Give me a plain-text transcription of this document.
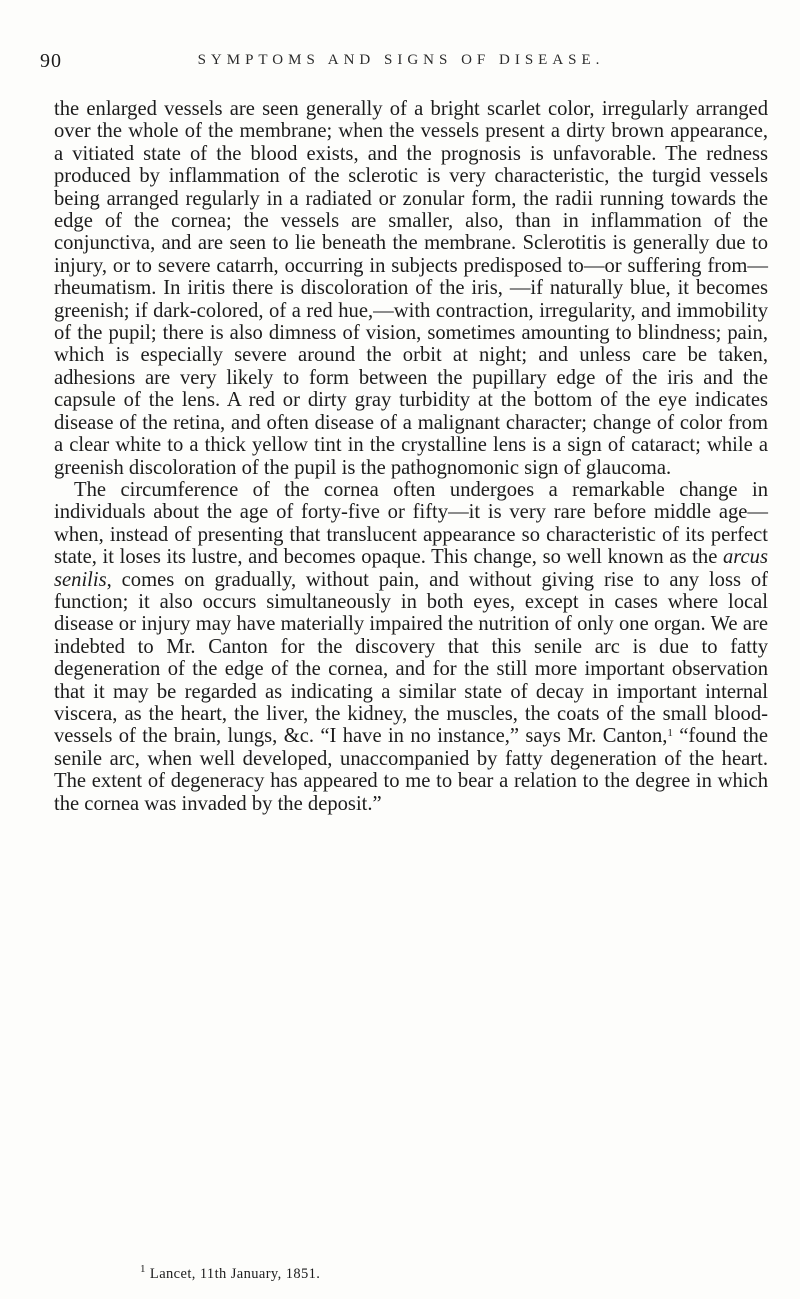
90	SYMPTOMS AND SIGNS OF DISEASE.

the enlarged vessels are seen generally of a bright scarlet color, irregularly arranged over the whole of the membrane; when the vessels present a dirty brown appearance, a vitiated state of the blood exists, and the prognosis is unfavorable. The redness produced by inflammation of the sclerotic is very characteristic, the turgid vessels being arranged regularly in a radiated or zonular form, the radii running towards the edge of the cornea; the vessels are smaller, also, than in inflammation of the conjunctiva, and are seen to lie beneath the membrane. Sclerotitis is generally due to injury, or to severe catarrh, occurring in subjects predisposed to—or suffering from—rheumatism. In iritis there is discoloration of the iris, —if naturally blue, it becomes greenish; if dark-colored, of a red hue,—with contraction, irregularity, and immobility of the pupil; there is also dimness of vision, sometimes amounting to blindness; pain, which is especially severe around the orbit at night; and unless care be taken, adhesions are very likely to form between the pupillary edge of the iris and the capsule of the lens. A red or dirty gray turbidity at the bottom of the eye indicates disease of the retina, and often disease of a malignant character; change of color from a clear white to a thick yellow tint in the crystalline lens is a sign of cataract; while a greenish discoloration of the pupil is the pathognomonic sign of glaucoma.

The circumference of the cornea often undergoes a remarkable change in individuals about the age of forty-five or fifty—it is very rare before middle age—when, instead of presenting that translucent appearance so characteristic of its perfect state, it loses its lustre, and becomes opaque. This change, so well known as the arcus senilis, comes on gradually, without pain, and without giving rise to any loss of function; it also occurs simultaneously in both eyes, except in cases where local disease or injury may have materially impaired the nutrition of only one organ. We are indebted to Mr. Canton for the discovery that this senile arc is due to fatty degeneration of the edge of the cornea, and for the still more important observation that it may be regarded as indicating a similar state of decay in important internal viscera, as the heart, the liver, the kidney, the muscles, the coats of the small blood-vessels of the brain, lungs, &c. “I have in no instance,” says Mr. Canton,$^1$ “found the senile arc, when well developed, unaccompanied by fatty degeneration of the heart. The extent of degeneracy has appeared to me to bear a relation to the degree in which the cornea was invaded by the deposit.”

$^1$ Lancet, 11th January, 1851.
